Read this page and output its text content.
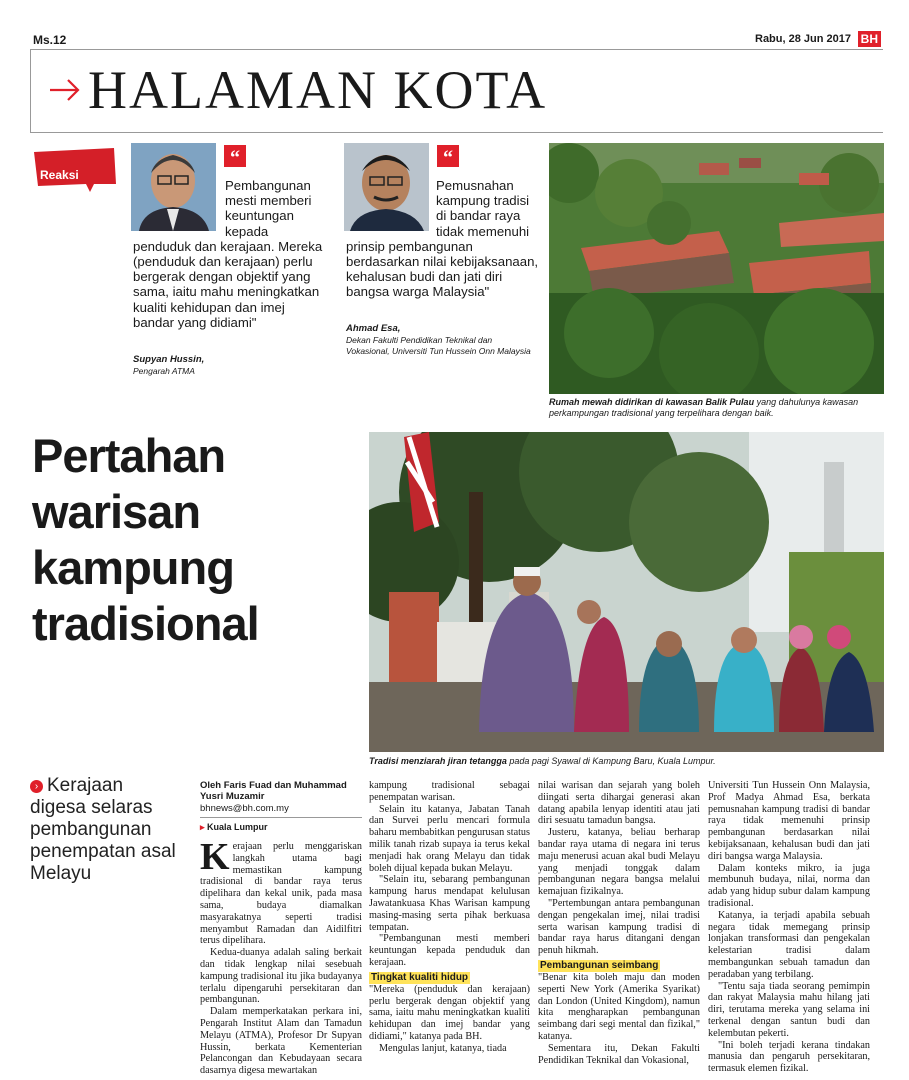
Ms.12	Rabu, 28 Jun 2017 BH
HALAMAN KOTA
Reaksi
“
Pembangunan mesti memberi keuntungan kepada penduduk dan kerajaan. Mereka (penduduk dan kerajaan) perlu bergerak dengan objektif yang sama, iaitu mahu meningkatkan kualiti kehidupan dan imej bandar yang didiami"
Supyan Hussin,
Pengarah ATMA
“
Pemusnahan kampung tradisi di bandar raya tidak memenuhi prinsip pembangunan berdasarkan nilai kebijaksanaan, kehalusan budi dan jati diri bangsa warga Malaysia"
Ahmad Esa,
Dekan Fakulti Pendidikan Teknikal dan Vokasional, Universiti Tun Hussein Onn Malaysia
Rumah mewah didirikan di kawasan Balik Pulau yang dahulunya kawasan perkampungan tradisional yang terpelihara dengan baik.
Pertahan
warisan
kampung
tradisional
Tradisi menziarah jiran tetangga pada pagi Syawal di Kampung Baru, Kuala Lumpur.
› Kerajaan digesa selaras pembangunan penempatan asal Melayu
Oleh Faris Fuad dan Muhammad Yusri Muzamir
bhnews@bh.com.my
▸ Kuala Lumpur

Kerajaan perlu menggariskan langkah utama bagi memastikan kampung tradisional di bandar raya terus dipelihara dan kekal unik, pada masa sama, budaya diamalkan masyarakatnya seperti tradisi menyambut Ramadan dan Aidilfitri terus dipelihara.

Kedua-duanya adalah saling berkait dan tidak lengkap nilai sesebuah kampung tradisional itu jika budayanya terlalu dipengaruhi persekitaran dan pembangunan.

Dalam memperkatakan perkara ini, Pengarah Institut Alam dan Tamadun Melayu (ATMA), Profesor Dr Supyan Hussin, berkata Kementerian Pelancongan dan Kebudayaan secara dasarnya digesa mewartakan

kampung tradisional sebagai penempatan warisan.

Selain itu katanya, Jabatan Tanah dan Survei perlu mencari formula baharu membabitkan pengurusan status milik tanah rizab supaya ia terus kekal menjadi hak orang Melayu dan tidak boleh dijual kepada bukan Melayu.

"Selain itu, sebarang pembangunan kampung harus mendapat kelulusan Jawatankuasa Khas Warisan kampung masing-masing serta pihak berkuasa tempatan.

"Pembangunan mesti memberi keuntungan kepada penduduk dan kerajaan.

Tingkat kualiti hidup

"Mereka (penduduk dan kerajaan) perlu bergerak dengan objektif yang sama, iaitu mahu meningkatkan kualiti kehidupan dan imej bandar yang didiami," katanya pada BH.

Mengulas lanjut, katanya, tiada

nilai warisan dan sejarah yang boleh diingati serta dihargai generasi akan datang apabila lenyap identiti atau jati diri sesuatu tamadun bangsa.

Justeru, katanya, beliau berharap bandar raya utama di negara ini terus maju menerusi acuan akal budi Melayu yang menjadi tonggak dalam pembangunan negara bangsa melalui kemajuan fizikalnya.

"Pertembungan antara pembangunan dengan pengekalan imej, nilai tradisi serta warisan kampung tradisi di bandar raya harus ditangani dengan penuh hikmah.

Pembangunan seimbang

"Benar kita boleh maju dan moden seperti New York (Amerika Syarikat) dan London (United Kingdom), namun kita mengharapkan pembangunan seimbang dari segi mental dan fizikal," katanya.

Sementara itu, Dekan Fakulti Pendidikan Teknikal dan Vokasional,

Universiti Tun Hussein Onn Malaysia, Prof Madya Ahmad Esa, berkata pemusnahan kampung tradisi di bandar raya tidak memenuhi prinsip pembangunan berdasarkan nilai kebijaksanaan, kehalusan budi dan jati diri bangsa warga Malaysia.

Dalam konteks mikro, ia juga membunuh budaya, nilai, norma dan adab yang hidup subur dalam kampung tradisional.

Katanya, ia terjadi apabila sebuah negara tidak memegang prinsip lonjakan transformasi dan pengekalan kelestarian tradisi dalam membangunkan sebuah tamadun dan peradaban yang terbilang.

"Tentu saja tiada seorang pemimpin dan rakyat Malaysia mahu hilang jati diri, terutama mereka yang selama ini terkenal dengan santun budi dan kelembutan pekerti.

"Ini boleh terjadi kerana tindakan manusia dan pengaruh persekitaran, termasuk elemen fizikal.
